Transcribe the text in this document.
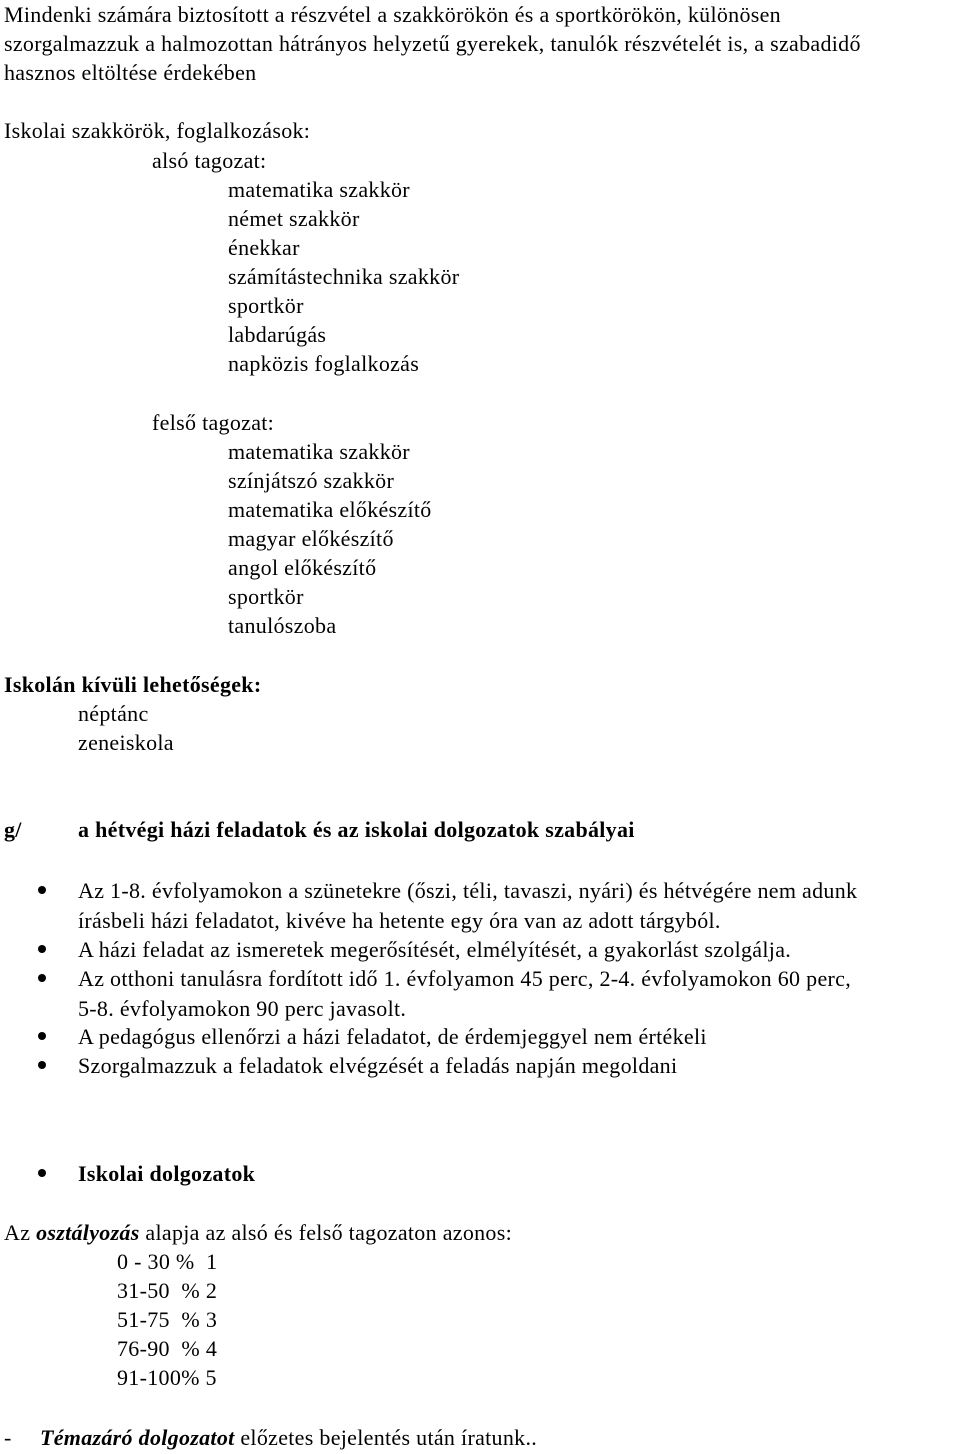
Mindenki számára biztosított a részvétel a szakkörökön és a sportkörökön, különösen
szorgalmazzuk a halmozottan hátrányos helyzetű gyerekek, tanulók részvételét is, a szabadidő
hasznos eltöltése érdekében
Iskolai szakkörök, foglalkozások:
alsó tagozat:
matematika szakkör
német szakkör
énekkar
számítástechnika szakkör
sportkör
labdarúgás
napközis foglalkozás
felső tagozat:
matematika szakkör
színjátszó szakkör
matematika előkészítő
magyar előkészítő
angol előkészítő
sportkör
tanulószoba
Iskolán kívüli lehetőségek:
néptánc
zeneiskola
g/	a hétvégi házi feladatok és az iskolai dolgozatok szabályai
Az 1-8. évfolyamokon a szünetekre (őszi, téli, tavaszi, nyári) és hétvégére nem adunk
írásbeli házi feladatot, kivéve ha hetente egy óra van az adott tárgyból.
A házi feladat az ismeretek megerősítését, elmélyítését, a gyakorlást szolgálja.
Az otthoni tanulásra fordított idő 1. évfolyamon 45 perc, 2-4. évfolyamokon 60 perc,
5-8. évfolyamokon 90 perc javasolt.
A pedagógus ellenőrzi a házi feladatot, de érdemjeggyel nem értékeli
Szorgalmazzuk a feladatok elvégzését a feladás napján megoldani
Iskolai dolgozatok
Az osztályozás alapja az alsó és felső tagozaton azonos:
0 - 30 %  1
31-50  % 2
51-75  % 3
76-90  % 4
91-100% 5
- Témazáró dolgozatot előzetes bejelentés után íratunk..
